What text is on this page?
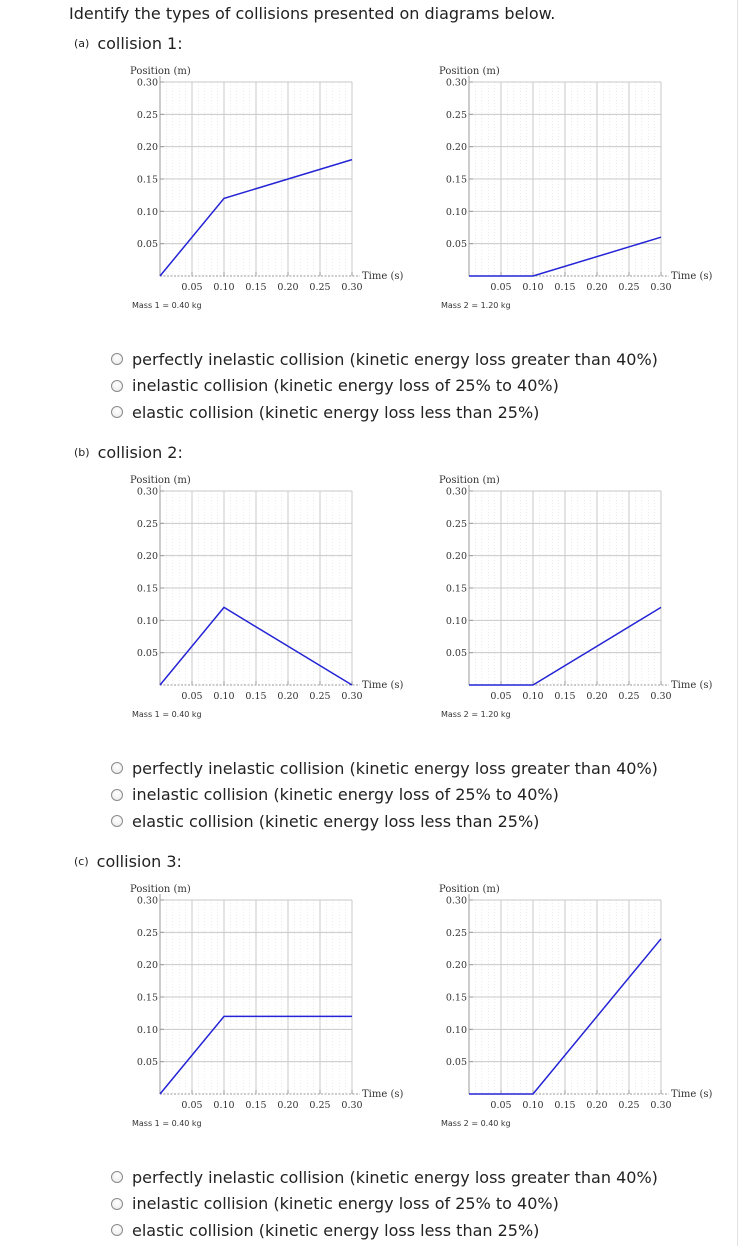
Identify the types of collisions presented on diagrams below.
(a) collision 1:
(b) collision 2:
(c) collision 3:
Position (m)
0.05
0.10
0.15
0.20
0.25
0.30
0.05 0.10 0.15 0.20 0.25 0.30
Time (s)
Mass 1 = 0.40 kg
Position (m)
0.05
0.10
0.15
0.20
0.25
0.30
0.05 0.10 0.15 0.20 0.25 0.30
Time (s)
Mass 2 = 1.20 kg
Position (m)
0.05
0.10
0.15
0.20
0.25
0.30
0.05 0.10 0.15 0.20 0.25 0.30
Time (s)
Mass 1 = 0.40 kg
Position (m)
0.05
0.10
0.15
0.20
0.25
0.30
0.05 0.10 0.15 0.20 0.25 0.30
Time (s)
Mass 2 = 1.20 kg
Position (m)
0.05
0.10
0.15
0.20
0.25
0.30
0.05 0.10 0.15 0.20 0.25 0.30
Time (s)
Mass 1 = 0.40 kg
Position (m)
0.05
0.10
0.15
0.20
0.25
0.30
0.05 0.10 0.15 0.20 0.25 0.30
Time (s)
Mass 2 = 0.40 kg
perfectly inelastic collision (kinetic energy loss greater than 40%)
inelastic collision (kinetic energy loss of 25% to 40%)
elastic collision (kinetic energy loss less than 25%)
perfectly inelastic collision (kinetic energy loss greater than 40%)
inelastic collision (kinetic energy loss of 25% to 40%)
elastic collision (kinetic energy loss less than 25%)
perfectly inelastic collision (kinetic energy loss greater than 40%)
inelastic collision (kinetic energy loss of 25% to 40%)
elastic collision (kinetic energy loss less than 25%)
